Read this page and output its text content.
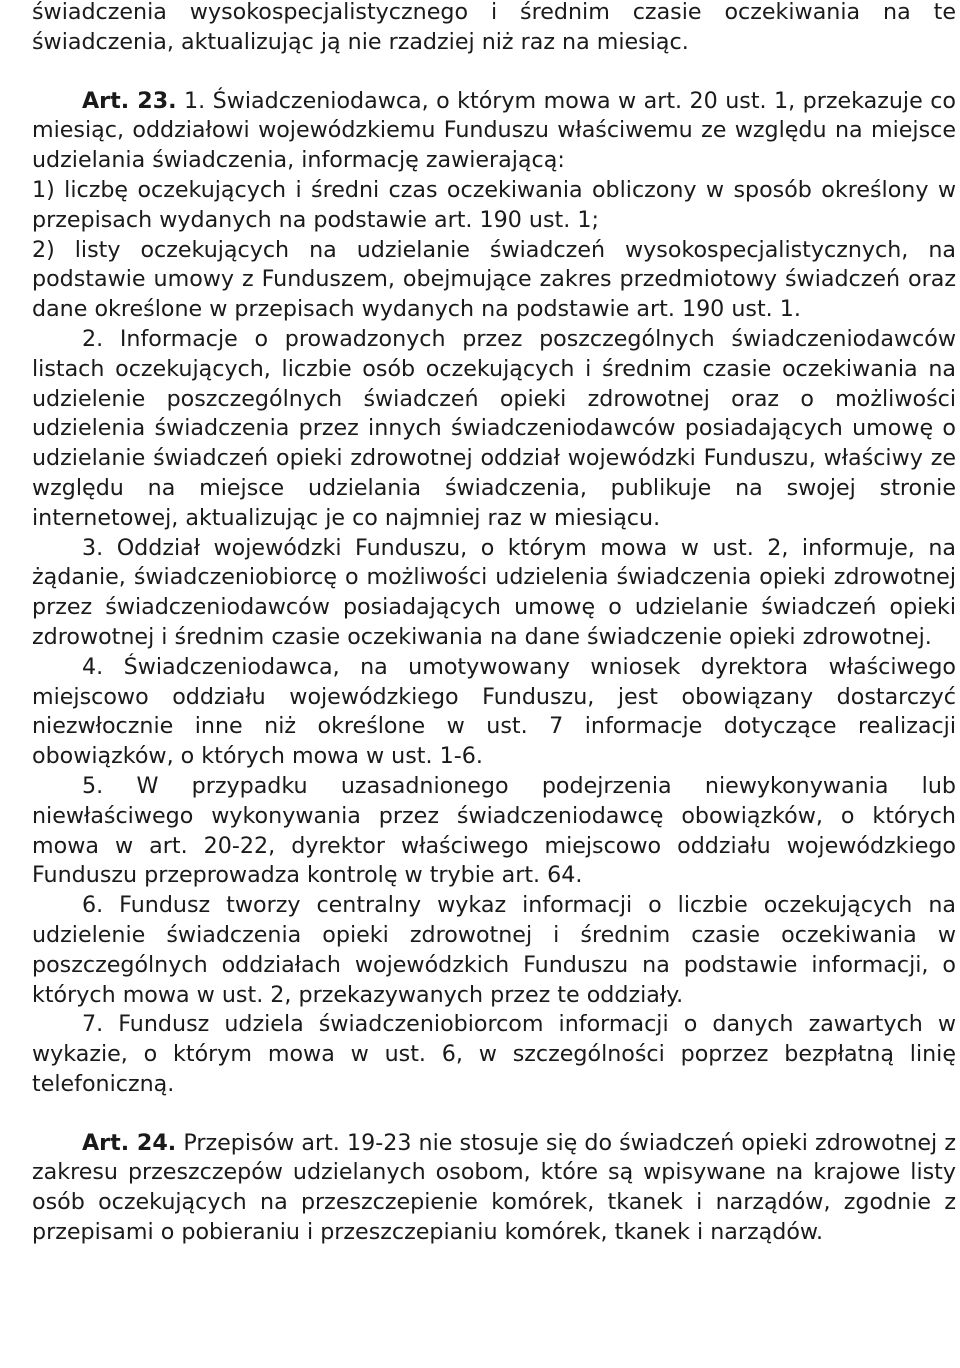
świadczenia wysokospecjalistycznego i średnim czasie oczekiwania na te świadczenia, aktualizując ją nie rzadziej niż raz na miesiąc.

Art. 23. 1. Świadczeniodawca, o którym mowa w art. 20 ust. 1, przekazuje co miesiąc, oddziałowi wojewódzkiemu Funduszu właściwemu ze względu na miejsce udzielania świadczenia, informację zawierającą:

1) liczbę oczekujących i średni czas oczekiwania obliczony w sposób określony w przepisach wydanych na podstawie art. 190 ust. 1;

2) listy oczekujących na udzielanie świadczeń wysokospecjalistycznych, na podstawie umowy z Funduszem, obejmujące zakres przedmiotowy świadczeń oraz dane określone w przepisach wydanych na podstawie art. 190 ust. 1.

2. Informacje o prowadzonych przez poszczególnych świadczeniodawców listach oczekujących, liczbie osób oczekujących i średnim czasie oczekiwania na udzielenie poszczególnych świadczeń opieki zdrowotnej oraz o możliwości udzielenia świadczenia przez innych świadczeniodawców posiadających umowę o udzielanie świadczeń opieki zdrowotnej oddział wojewódzki Funduszu, właściwy ze względu na miejsce udzielania świadczenia, publikuje na swojej stronie internetowej, aktualizując je co najmniej raz w miesiącu.

3. Oddział wojewódzki Funduszu, o którym mowa w ust. 2, informuje, na żądanie, świadczeniobiorcę o możliwości udzielenia świadczenia opieki zdrowotnej przez świadczeniodawców posiadających umowę o udzielanie świadczeń opieki zdrowotnej i średnim czasie oczekiwania na dane świadczenie opieki zdrowotnej.

4. Świadczeniodawca, na umotywowany wniosek dyrektora właściwego miejscowo oddziału wojewódzkiego Funduszu, jest obowiązany dostarczyć niezwłocznie inne niż określone w ust. 7 informacje dotyczące realizacji obowiązków, o których mowa w ust. 1-6.

5. W przypadku uzasadnionego podejrzenia niewykonywania lub niewłaściwego wykonywania przez świadczeniodawcę obowiązków, o których mowa w art. 20-22, dyrektor właściwego miejscowo oddziału wojewódzkiego Funduszu przeprowadza kontrolę w trybie art. 64.

6. Fundusz tworzy centralny wykaz informacji o liczbie oczekujących na udzielenie świadczenia opieki zdrowotnej i średnim czasie oczekiwania w poszczególnych oddziałach wojewódzkich Funduszu na podstawie informacji, o których mowa w ust. 2, przekazywanych przez te oddziały.

7. Fundusz udziela świadczeniobiorcom informacji o danych zawartych w wykazie, o którym mowa w ust. 6, w szczególności poprzez bezpłatną linię telefoniczną.

Art. 24. Przepisów art. 19-23 nie stosuje się do świadczeń opieki zdrowotnej z zakresu przeszczepów udzielanych osobom, które są wpisywane na krajowe listy osób oczekujących na przeszczepienie komórek, tkanek i narządów, zgodnie z przepisami o pobieraniu i przeszczepianiu komórek, tkanek i narządów.
